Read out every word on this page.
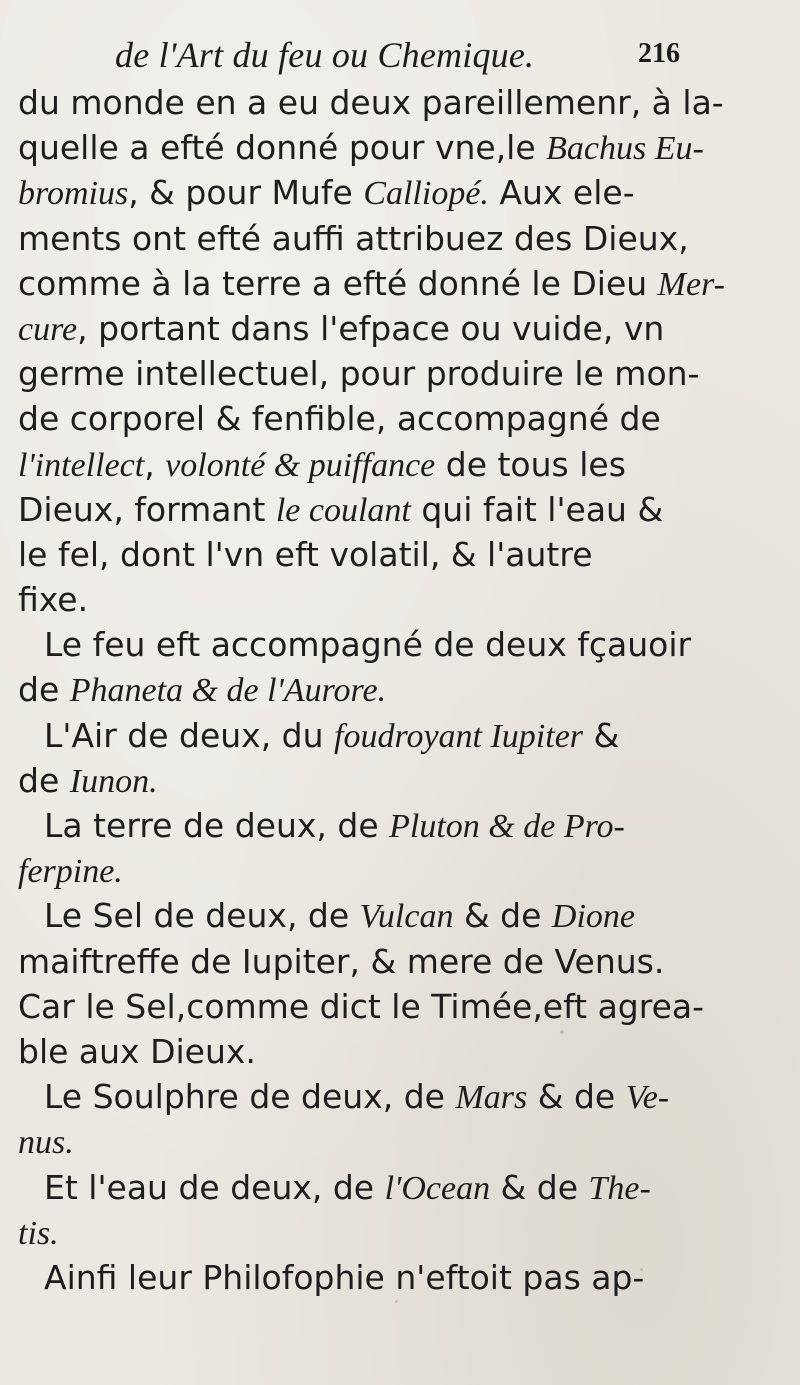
de l'Art du feu ou Chemique.	216
du monde en a eu deux pareillemenr, à la-
quelle a efté donné pour vne,le Bachus Eu-
bromius, & pour Mufe Calliopé. Aux ele-
ments ont efté auffi attribuez des Dieux,
comme à la terre a efté donné le Dieu Mer-
cure, portant dans l'efpace ou vuide, vn
germe intellectuel, pour produire le mon-
de corporel & fenfible, accompagné de
l'intellect, volonté & puiffance de tous les
Dieux, formant le coulant qui fait l'eau &
le fel, dont l'vn eft volatil, & l'autre
fixe.
Le feu eft accompagné de deux fçauoir
de Phaneta & de l'Aurore.
L'Air de deux, du foudroyant Iupiter &
de Iunon.
La terre de deux, de Pluton & de Pro-
ferpine.
Le Sel de deux, de Vulcan & de Dione
maiftreffe de Iupiter, & mere de Venus.
Car le Sel,comme dict le Timée,eft agrea-
ble aux Dieux.
Le Soulphre de deux, de Mars & de Ve-
nus.
Et l'eau de deux, de l'Ocean & de The-
tis.
Ainfi leur Philofophie n'eftoit pas ap-
